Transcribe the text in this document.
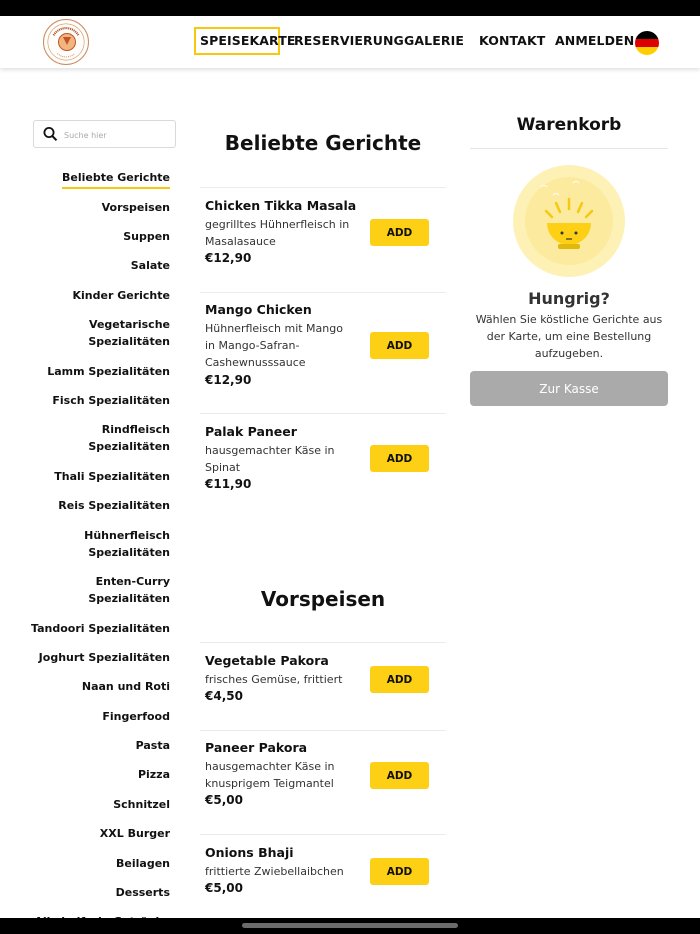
SPEISEKARTE
RESERVIERUNG GALERIE KONTAKT ANMELDEN
Suche hier
Beliebte Gerichte
Vorspeisen
Suppen
Salate
Kinder Gerichte
Vegetarische Spezialitäten
Lamm Spezialitäten
Fisch Spezialitäten
Rindfleisch Spezialitäten
Thali Spezialitäten
Reis Spezialitäten
Hühnerfleisch Spezialitäten
Enten-Curry Spezialitäten
Tandoori Spezialitäten
Joghurt Spezialitäten
Naan und Roti
Fingerfood
Pasta
Pizza
Schnitzel
XXL Burger
Beilagen
Desserts
Beliebte Gerichte
Chicken Tikka Masala
gegrilltes Hühnerfleisch in Masalasauce
€12,90
ADD
Mango Chicken
Hühnerfleisch mit Mango in Mango-Safran-Cashewnusssauce
€12,90
ADD
Palak Paneer
hausgemachter Käse in Spinat
€11,90
ADD
Vorspeisen
Vegetable Pakora
frisches Gemüse, frittiert
€4,50
ADD
Paneer Pakora
hausgemachter Käse in knusprigem Teigmantel
€5,00
ADD
Onions Bhaji
frittierte Zwiebellaibchen
€5,00
ADD
Warenkorb
Hungrig?
Wählen Sie köstliche Gerichte aus der Karte, um eine Bestellung aufzugeben.
Zur Kasse
